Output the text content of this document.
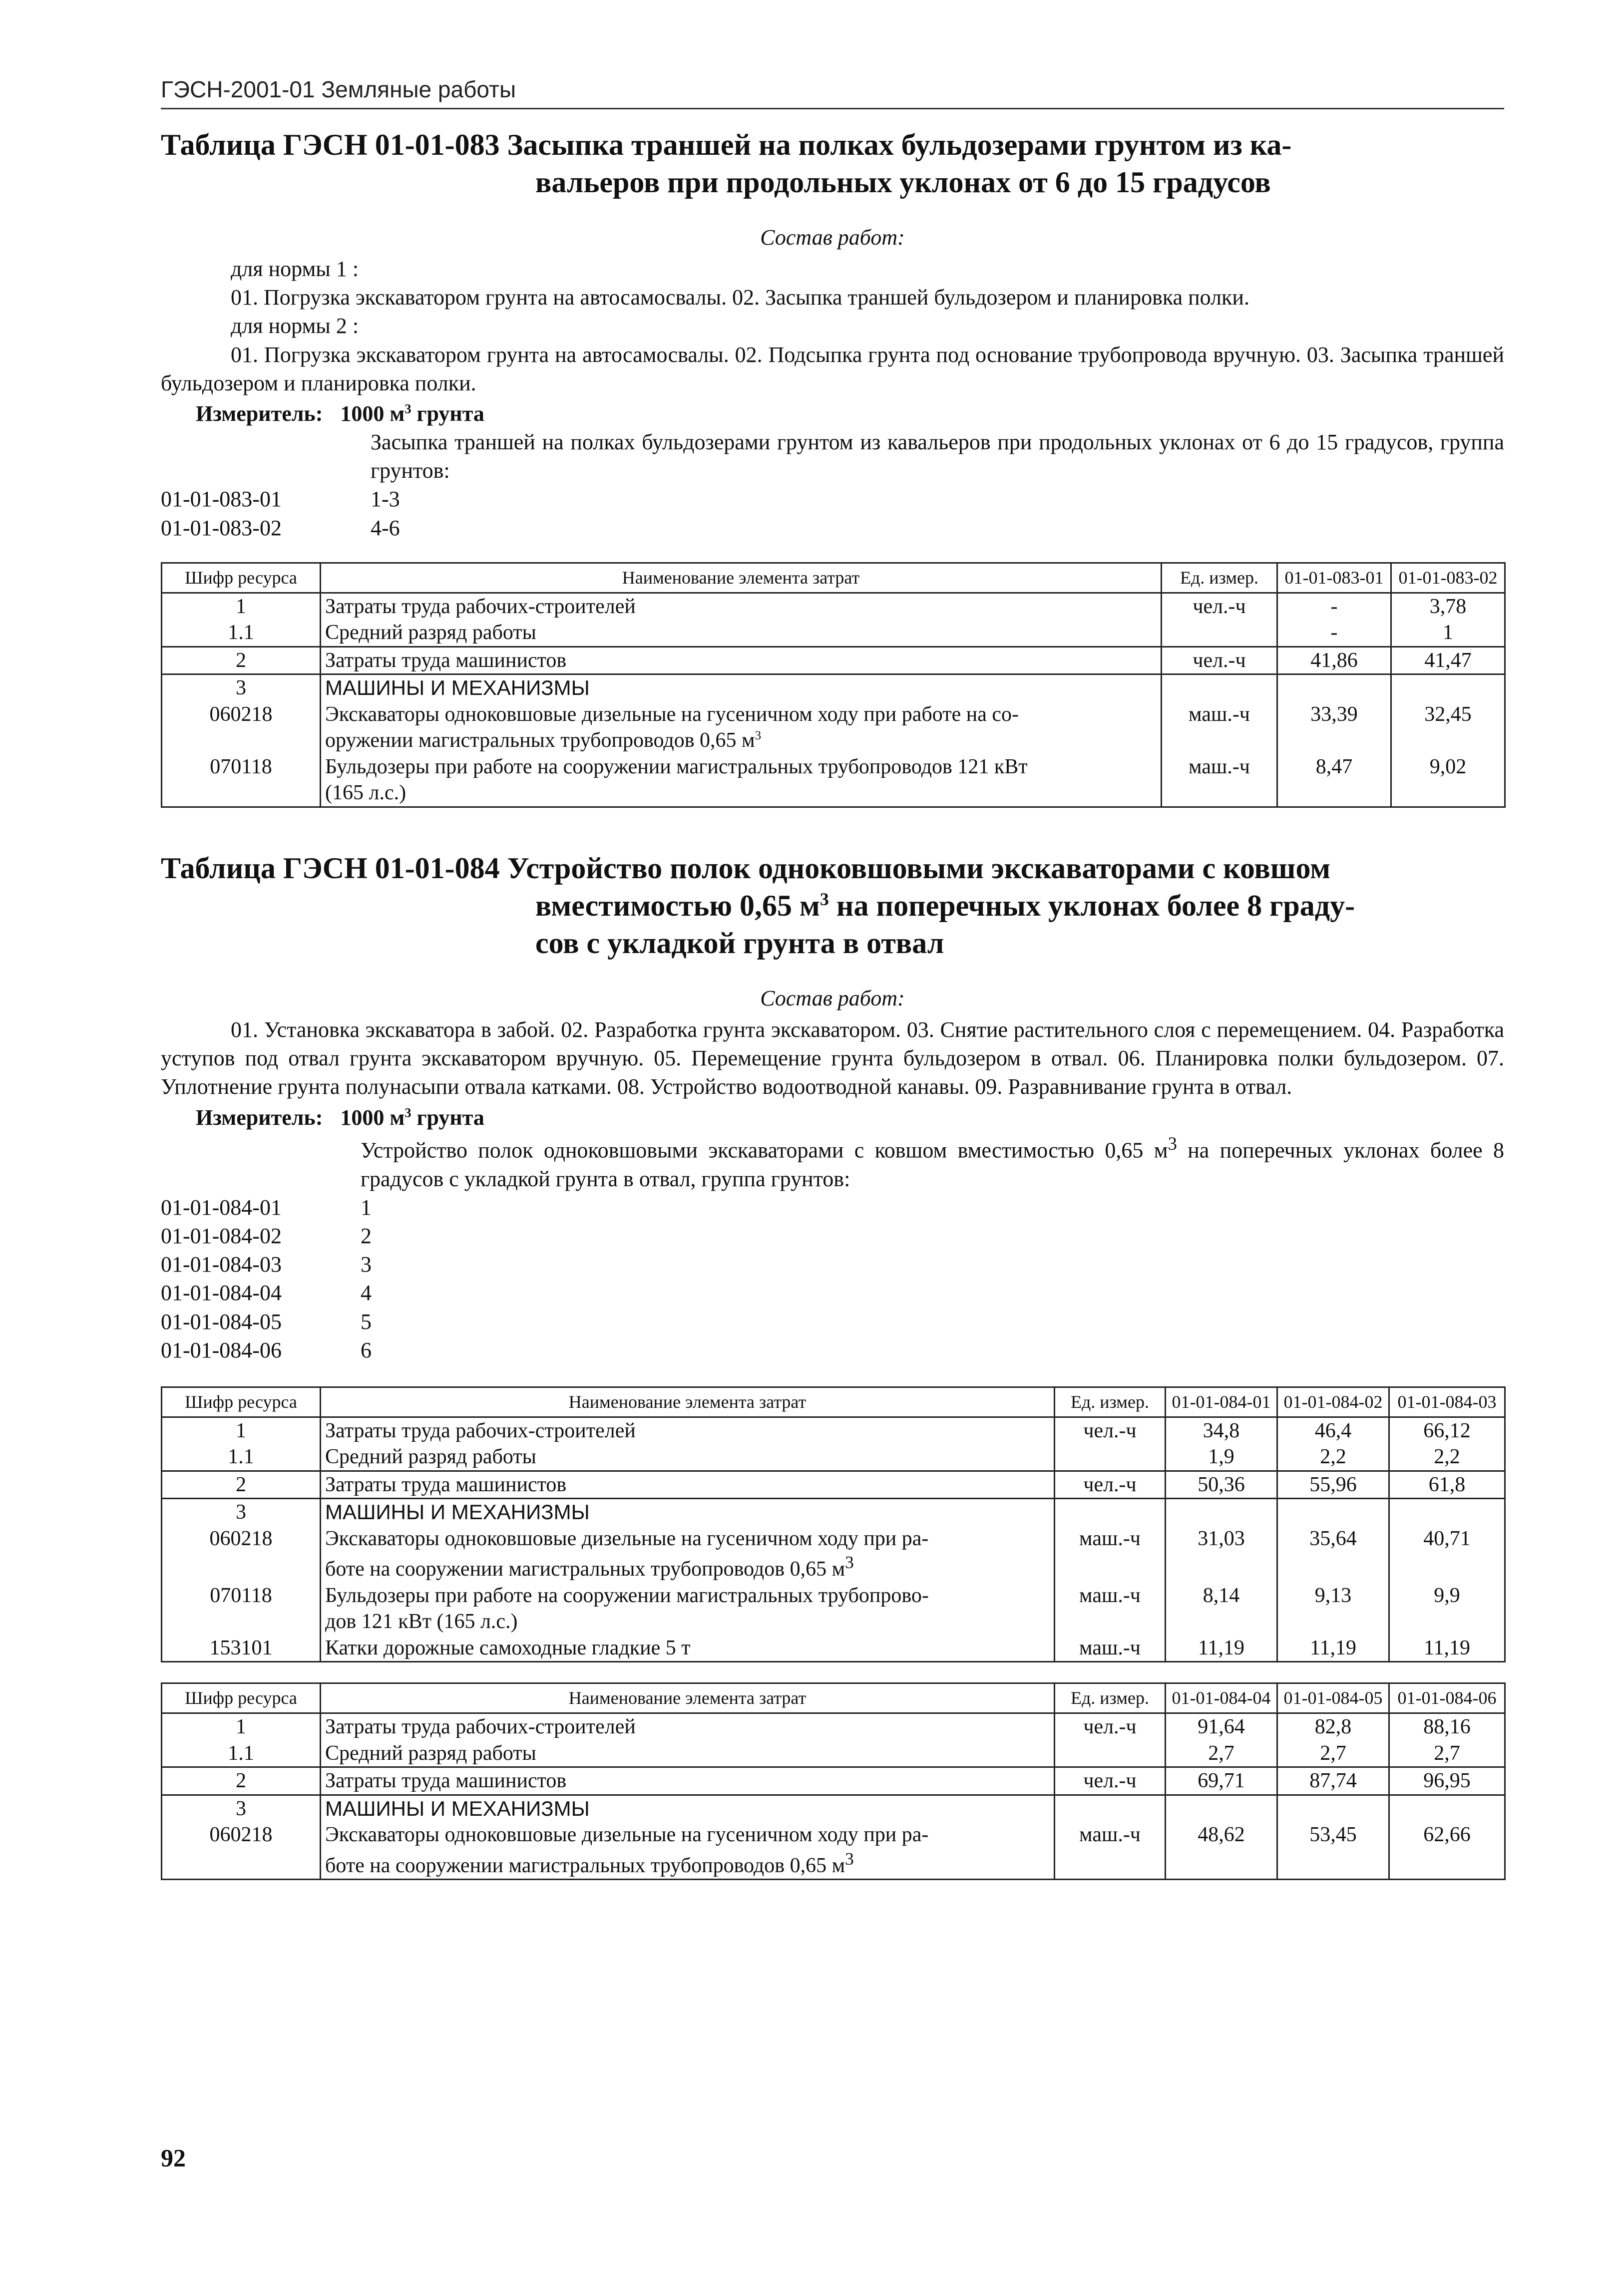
ГЭСН-2001-01 Земляные работы
Таблица ГЭСН 01-01-083 Засыпка траншей на полках бульдозерами грунтом из ка-
вальеров при продольных уклонах от 6 до 15 градусов
Состав работ:
для нормы 1 :

01. Погрузка экскаватором грунта на автосамосвалы. 02. Засыпка траншей бульдозером и планировка полки.

для нормы 2 :

01. Погрузка экскаватором грунта на автосамосвалы. 02. Подсыпка грунта под основание трубопровода вручную. 03. Засыпка траншей бульдозером и планировка полки.

Измеритель: 1000 $м^3$ грунта
Засыпка траншей на полках бульдозерами грунтом из кавальеров при продольных уклонах от 6 до 15 градусов, группа грунтов:
01-01-083-01	1-3
01-01-083-02	4-6
Шифр ресурса	Наименование элемента затрат	Ед. измер.	01-01-083-01	01-01-083-02
1	Затраты труда рабочих-строителей	чел.-ч	-	3,78
1.1	Средний разряд работы		-	1
2	Затраты труда машинистов	чел.-ч	41,86	41,47
3	МАШИНЫ И МЕХАНИЗМЫ			
060218	Экскаваторы одноковшовые дизельные на гусеничном ходу при работе на со-
оружении магистральных трубопроводов 0,65 $м^3$	маш.-ч	33,39	32,45
070118	Бульдозеры при работе на сооружении магистральных трубопроводов 121 кВт
(165 л.с.)	маш.-ч	8,47	9,02
Таблица ГЭСН 01-01-084 Устройство полок одноковшовыми экскаваторами с ковшом
вместимостью 0,65 $м^3$ на поперечных уклонах более 8 граду-
сов с укладкой грунта в отвал
Состав работ:

01. Установка экскаватора в забой. 02. Разработка грунта экскаватором. 03. Снятие растительного слоя с перемещением. 04. Разработка уступов под отвал грунта экскаватором вручную. 05. Перемещение грунта бульдозером в отвал. 06. Планировка полки бульдозером. 07. Уплотнение грунта полунасыпи отвала катками. 08. Устройство водоотводной канавы. 09. Разравнивание грунта в отвал.

Измеритель: 1000 $м^3$ грунта
Устройство полок одноковшовыми экскаваторами с ковшом вместимостью 0,65 $м^3$ на поперечных уклонах более 8 градусов с укладкой грунта в отвал, группа грунтов:
01-01-084-01	1
01-01-084-02	2
01-01-084-03	3
01-01-084-04	4
01-01-084-05	5
01-01-084-06	6
Шифр ресурса	Наименование элемента затрат	Ед. измер.	01-01-084-01	01-01-084-02	01-01-084-03
1	Затраты труда рабочих-строителей	чел.-ч	34,8	46,4	66,12
1.1	Средний разряд работы		1,9	2,2	2,2
2	Затраты труда машинистов	чел.-ч	50,36	55,96	61,8
3	МАШИНЫ И МЕХАНИЗМЫ				
060218	Экскаваторы одноковшовые дизельные на гусеничном ходу при ра-
боте на сооружении магистральных трубопроводов 0,65 $м^3$	маш.-ч	31,03	35,64	40,71
070118	Бульдозеры при работе на сооружении магистральных трубопрово-
дов 121 кВт (165 л.с.)	маш.-ч	8,14	9,13	9,9
153101	Катки дорожные самоходные гладкие 5 т	маш.-ч	11,19	11,19	11,19
Шифр ресурса	Наименование элемента затрат	Ед. измер.	01-01-084-04	01-01-084-05	01-01-084-06
1	Затраты труда рабочих-строителей	чел.-ч	91,64	82,8	88,16
1.1	Средний разряд работы		2,7	2,7	2,7
2	Затраты труда машинистов	чел.-ч	69,71	87,74	96,95
3	МАШИНЫ И МЕХАНИЗМЫ				
060218	Экскаваторы одноковшовые дизельные на гусеничном ходу при ра-
боте на сооружении магистральных трубопроводов 0,65 $м^3$	маш.-ч	48,62	53,45	62,66
92
